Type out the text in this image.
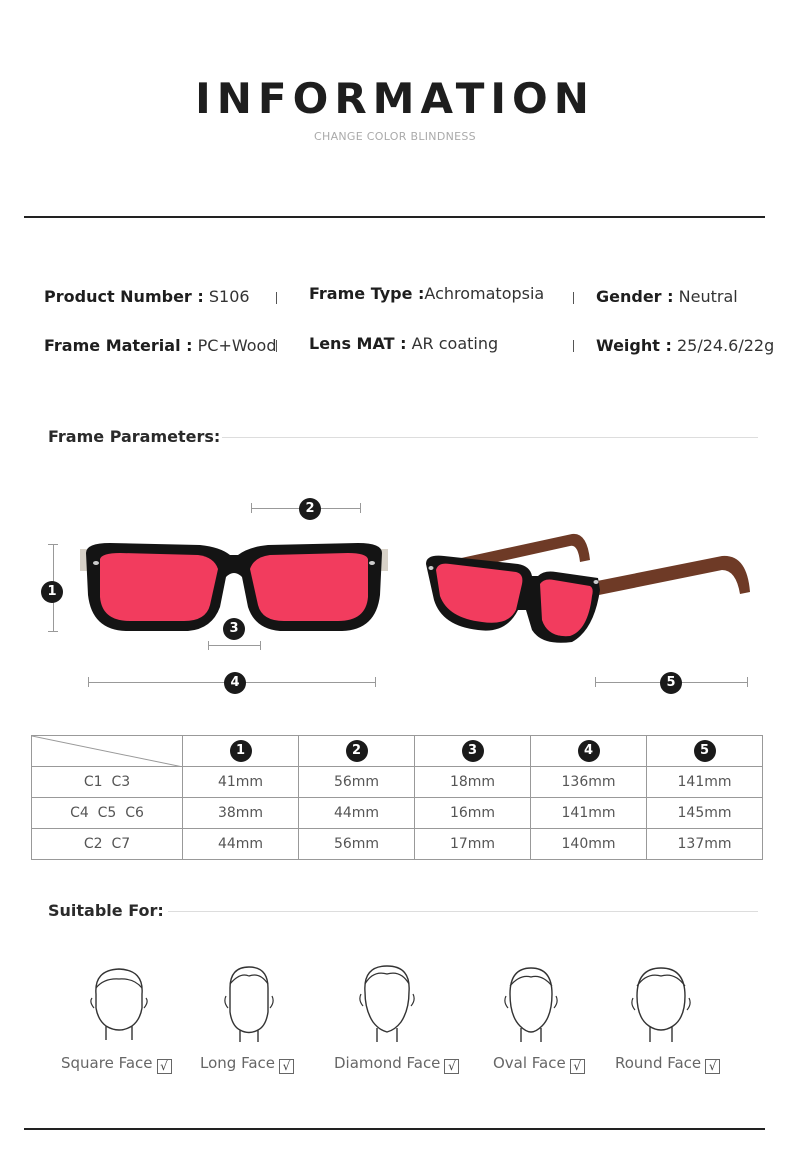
INFORMATION
CHANGE COLOR BLINDNESS
Product Number : S106	Frame Type :Achromatopsia	Gender : Neutral
Frame Material : PC+Wood Lens MAT : AR coating	Weight : 25/24.6/22g
Frame Parameters:
2
1
3
4	5
	1	2	3	4	5
C1  C3	41mm	56mm	18mm	136mm	141mm
C4  C5  C6	38mm	44mm	16mm	141mm	145mm
C2  C7	44mm	56mm	17mm	140mm	137mm
Suitable For:
Square Face √ Long Face √	Diamond Face √ Oval Face √ Round Face √
